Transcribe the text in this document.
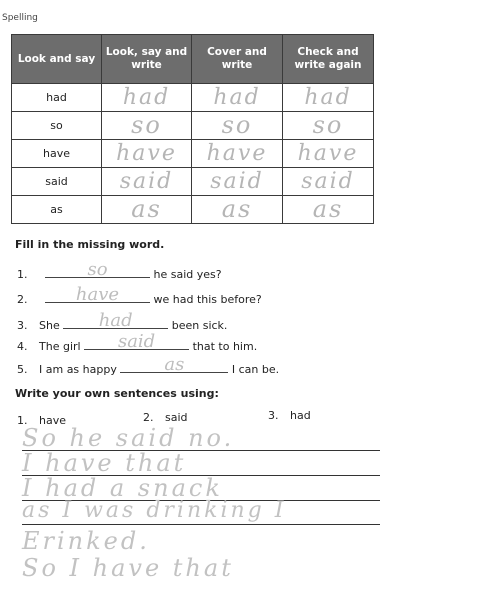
Spelling
Look and say	Look, say and write	Cover and write	Check and write again
had	had	had	had

so	so	so	so

have	have	have	have

said	said	said	said

as	as	as	as
Fill in the missing word.
1.	so	he said yes?
2.	have	we had this before?
3. She	had	been sick.
4. The girl	said	that to him.
5. I am as happy	as	I can be.
Write your own sentences using:
1. have	2. said	3. had
So he said no.
I have that
I had a snack
as I was drinking I
Erinked.
So I have that
